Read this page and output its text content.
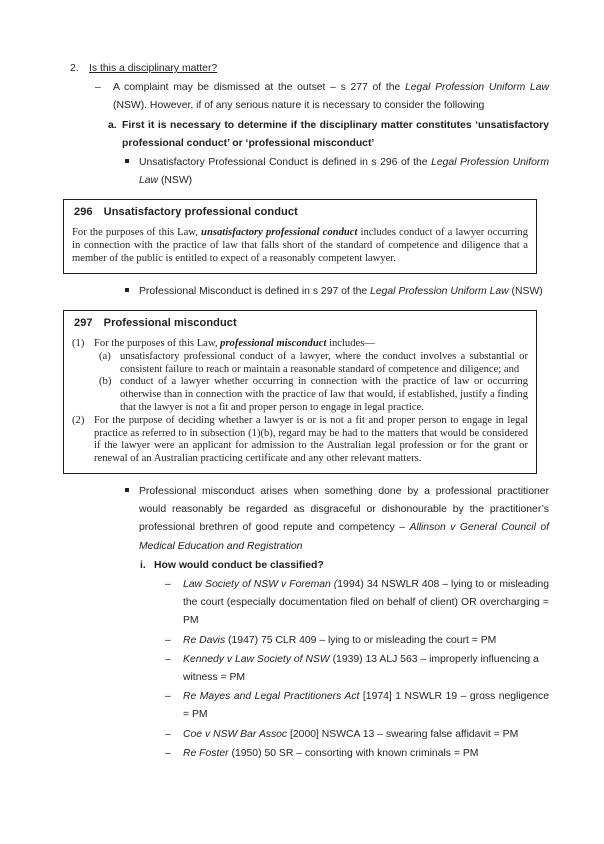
2. Is this a disciplinary matter?
–	A complaint may be dismissed at the outset – s 277 of the Legal Profession Uniform Law (NSW). However, if of any serious nature it is necessary to consider the following
a. First it is necessary to determine if the disciplinary matter constitutes ‘unsatisfactory professional conduct’ or ‘professional misconduct’
Unsatisfactory Professional Conduct is defined in s 296 of the Legal Profession Uniform Law (NSW)
296 Unsatisfactory professional conduct

For the purposes of this Law, unsatisfactory professional conduct includes conduct of a lawyer occurring in connection with the practice of law that falls short of the standard of competence and diligence that a member of the public is entitled to expect of a reasonably competent lawyer.

Professional Misconduct is defined in s 297 of the Legal Profession Uniform Law (NSW)
297 Professional misconduct
(1) For the purposes of this Law, professional misconduct includes—
(a) unsatisfactory professional conduct of a lawyer, where the conduct involves a substantial or consistent failure to reach or maintain a reasonable standard of competence and diligence; and
(b) conduct of a lawyer whether occurring in connection with the practice of law or occurring otherwise than in connection with the practice of law that would, if established, justify a finding that the lawyer is not a fit and proper person to engage in legal practice.
(2) For the purpose of deciding whether a lawyer is or is not a fit and proper person to engage in legal practice as referred to in subsection (1)(b), regard may be had to the matters that would be considered if the lawyer were an applicant for admission to the Australian legal profession or for the grant or renewal of an Australian practicing certificate and any other relevant matters.
Professional misconduct arises when something done by a professional practitioner would reasonably be regarded as disgraceful or dishonourable by the practitioner’s professional brethren of good repute and competency – Allinson v General Council of Medical Education and Registration
i. How would conduct be classified?
–	Law Society of NSW v Foreman (1994) 34 NSWLR 408 – lying to or misleading the court (especially documentation filed on behalf of client) OR overcharging = PM
–	Re Davis (1947) 75 CLR 409 – lying to or misleading the court = PM
–	Kennedy v Law Society of NSW (1939) 13 ALJ 563 – improperly influencing a witness = PM
–	Re Mayes and Legal Practitioners Act [1974] 1 NSWLR 19 – gross negligence = PM
–	Coe v NSW Bar Assoc [2000] NSWCA 13 – swearing false affidavit = PM
–	Re Foster (1950) 50 SR – consorting with known criminals = PM
